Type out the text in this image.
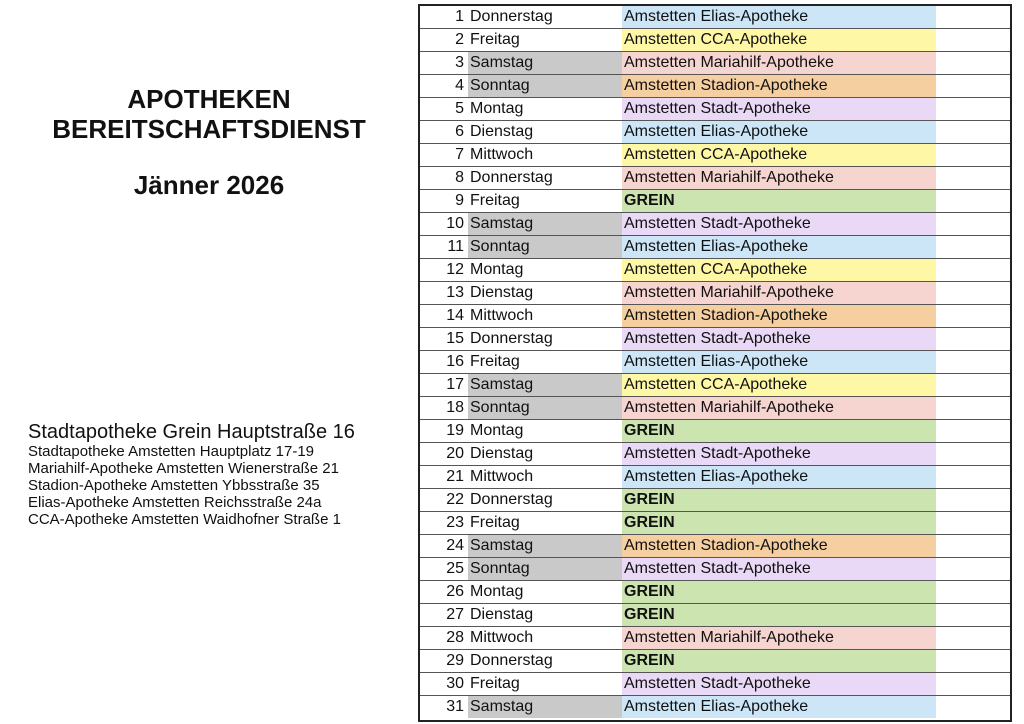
APOTHEKEN
BEREITSCHAFTSDIENST
Jänner 2026
Stadtapotheke Grein Hauptstraße 16
Stadtapotheke Amstetten Hauptplatz 17-19
Mariahilf-Apotheke Amstetten Wienerstraße 21
Stadion-Apotheke Amstetten Ybbsstraße 35
Elias-Apotheke Amstetten Reichsstraße 24a
CCA-Apotheke Amstetten Waidhofner Straße 1
1 Donnerstag	Amstetten Elias-Apotheke
2 Freitag	Amstetten CCA-Apotheke
3 Samstag	Amstetten Mariahilf-Apotheke
4 Sonntag	Amstetten Stadion-Apotheke
5 Montag	Amstetten Stadt-Apotheke
6 Dienstag	Amstetten Elias-Apotheke
7 Mittwoch	Amstetten CCA-Apotheke
8 Donnerstag	Amstetten Mariahilf-Apotheke
9 Freitag	GREIN
10 Samstag	Amstetten Stadt-Apotheke
11 Sonntag	Amstetten Elias-Apotheke
12 Montag	Amstetten CCA-Apotheke
13 Dienstag	Amstetten Mariahilf-Apotheke
14 Mittwoch	Amstetten Stadion-Apotheke
15 Donnerstag	Amstetten Stadt-Apotheke
16 Freitag	Amstetten Elias-Apotheke
17 Samstag	Amstetten CCA-Apotheke
18 Sonntag	Amstetten Mariahilf-Apotheke
19 Montag	GREIN
20 Dienstag	Amstetten Stadt-Apotheke
21 Mittwoch	Amstetten Elias-Apotheke
22 Donnerstag	GREIN
23 Freitag	GREIN
24 Samstag	Amstetten Stadion-Apotheke
25 Sonntag	Amstetten Stadt-Apotheke
26 Montag	GREIN
27 Dienstag	GREIN
28 Mittwoch	Amstetten Mariahilf-Apotheke
29 Donnerstag	GREIN
30 Freitag	Amstetten Stadt-Apotheke
31 Samstag	Amstetten Elias-Apotheke
